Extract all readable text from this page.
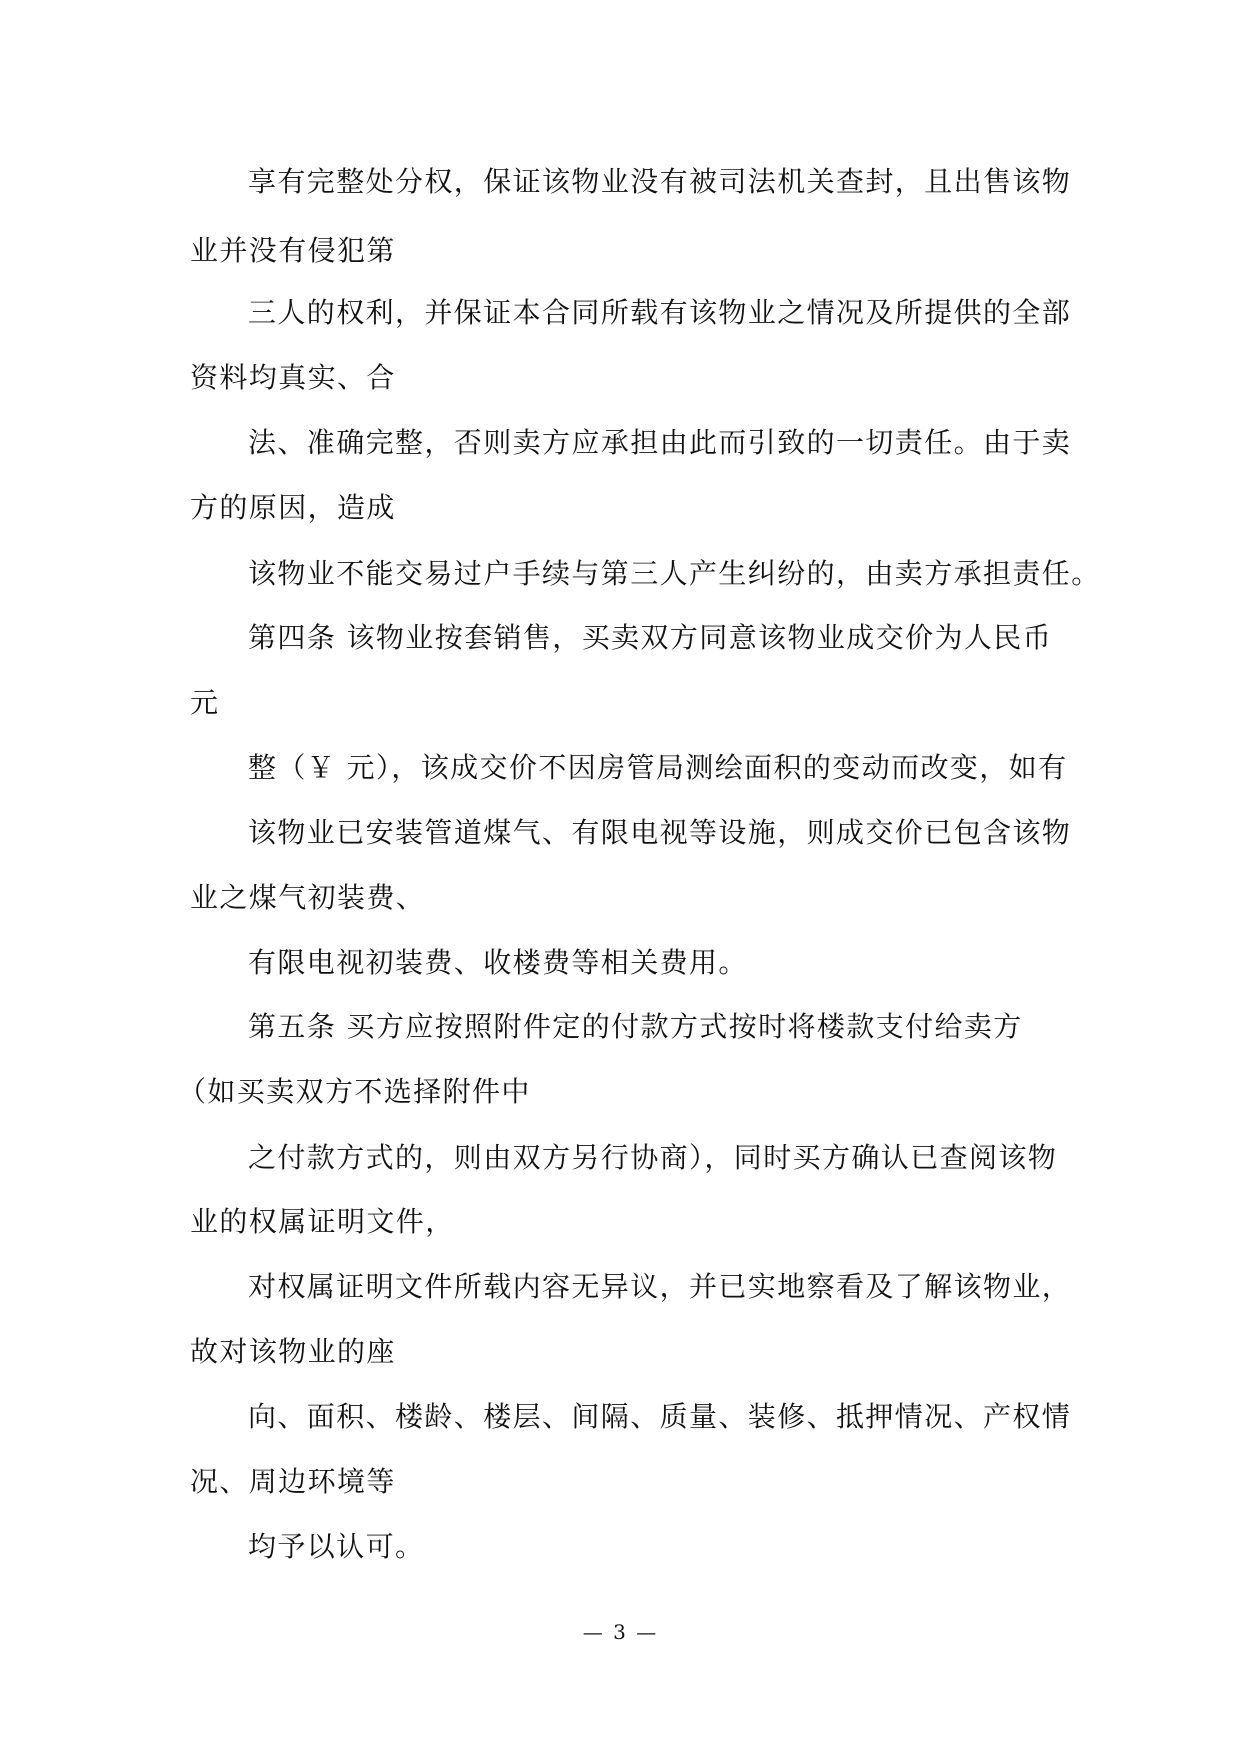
享有完整处分权，保证该物业没有被司法机关查封，且出售该物
业并没有侵犯第
三人的权利，并保证本合同所载有该物业之情况及所提供的全部
资料均真实、合
法、准确完整，否则卖方应承担由此而引致的一切责任。由于卖
方的原因，造成
该物业不能交易过户手续与第三人产生纠纷的，由卖方承担责任。
第四条 该物业按套销售，买卖双方同意该物业成交价为人民币
元
整（￥ 元），该成交价不因房管局测绘面积的变动而改变，如有
该物业已安装管道煤气、有限电视等设施，则成交价已包含该物
业之煤气初装费、
有限电视初装费、收楼费等相关费用。
第五条 买方应按照附件定的付款方式按时将楼款支付给卖方
（如买卖双方不选择附件中
之付款方式的，则由双方另行协商），同时买方确认已查阅该物
业的权属证明文件，
对权属证明文件所载内容无异议，并已实地察看及了解该物业，
故对该物业的座
向、面积、楼龄、楼层、间隔、质量、装修、抵押情况、产权情
况、周边环境等
均予以认可。
— 3 —
